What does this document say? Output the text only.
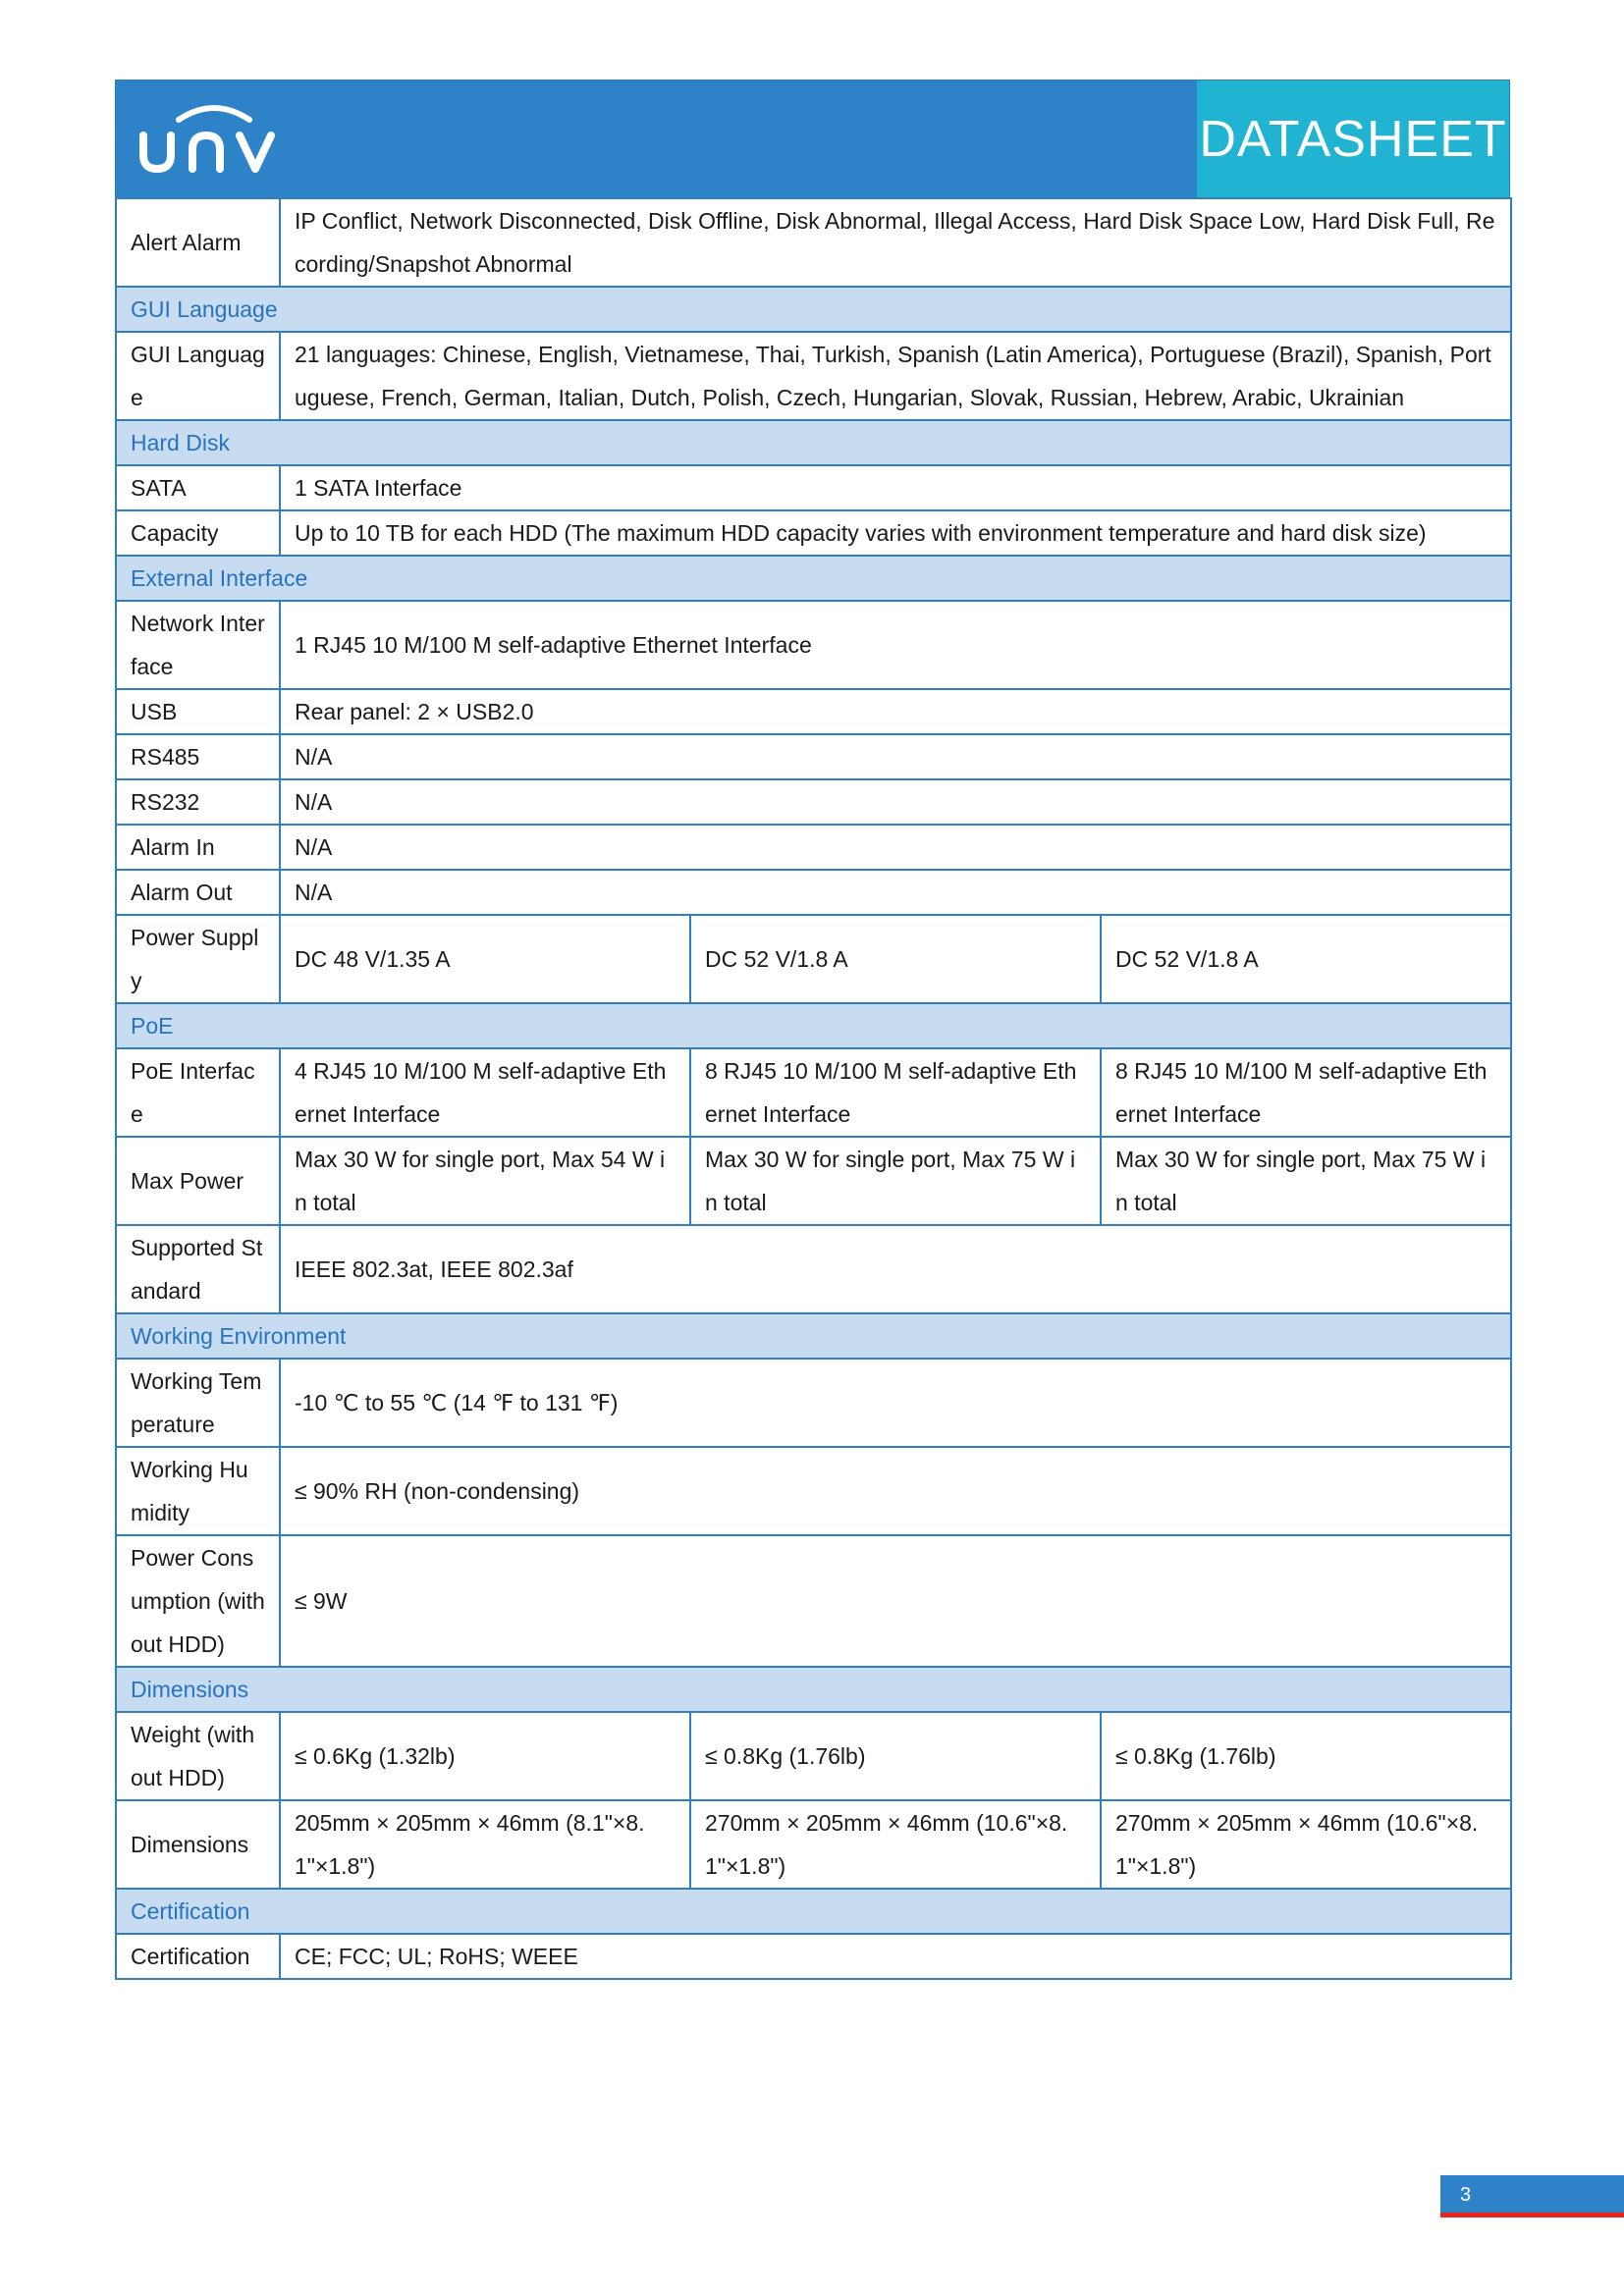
DATASHEET
Alert Alarm	IP Conflict, Network Disconnected, Disk Offline, Disk Abnormal, Illegal Access, Hard Disk Space Low, Hard Disk Full, Recording/Snapshot Abnormal		
GUI Language			
GUI Language	21 languages: Chinese, English, Vietnamese, Thai, Turkish, Spanish (Latin America), Portuguese (Brazil), Spanish, Portuguese, French, German, Italian, Dutch, Polish, Czech, Hungarian, Slovak, Russian, Hebrew, Arabic, Ukrainian		
Hard Disk			
SATA	1 SATA Interface		
Capacity	Up to 10 TB for each HDD (The maximum HDD capacity varies with environment temperature and hard disk size)		
External Interface			
Network Interface	1 RJ45 10 M/100 M self-adaptive Ethernet Interface		
USB	Rear panel: 2 × USB2.0		
RS485	N/A		
RS232	N/A		
Alarm In	N/A		
Alarm Out	N/A		
Power Supply	DC 48 V/1.35 A	DC 52 V/1.8 A	DC 52 V/1.8 A
PoE			
PoE Interface	4 RJ45 10 M/100 M self-adaptive Ethernet Interface	8 RJ45 10 M/100 M self-adaptive Ethernet Interface	8 RJ45 10 M/100 M self-adaptive Ethernet Interface
Max Power	Max 30 W for single port, Max 54 W in total	Max 30 W for single port, Max 75 W in total	Max 30 W for single port, Max 75 W in total
Supported Standard	IEEE 802.3at, IEEE 802.3af		
Working Environment			
Working Temperature	-10 ℃ to 55 ℃ (14 ℉ to 131 ℉)		
Working Humidity	≤ 90% RH (non-condensing)		
Power Consumption (without HDD)	≤ 9W		
Dimensions			
Weight (without HDD)	≤ 0.6Kg (1.32lb)	≤ 0.8Kg (1.76lb)	≤ 0.8Kg (1.76lb)
Dimensions	205mm × 205mm × 46mm (8.1"×8.1"×1.8")	270mm × 205mm × 46mm (10.6"×8.1"×1.8")	270mm × 205mm × 46mm (10.6"×8.1"×1.8")
Certification			
Certification	CE; FCC; UL; RoHS; WEEE		
3
